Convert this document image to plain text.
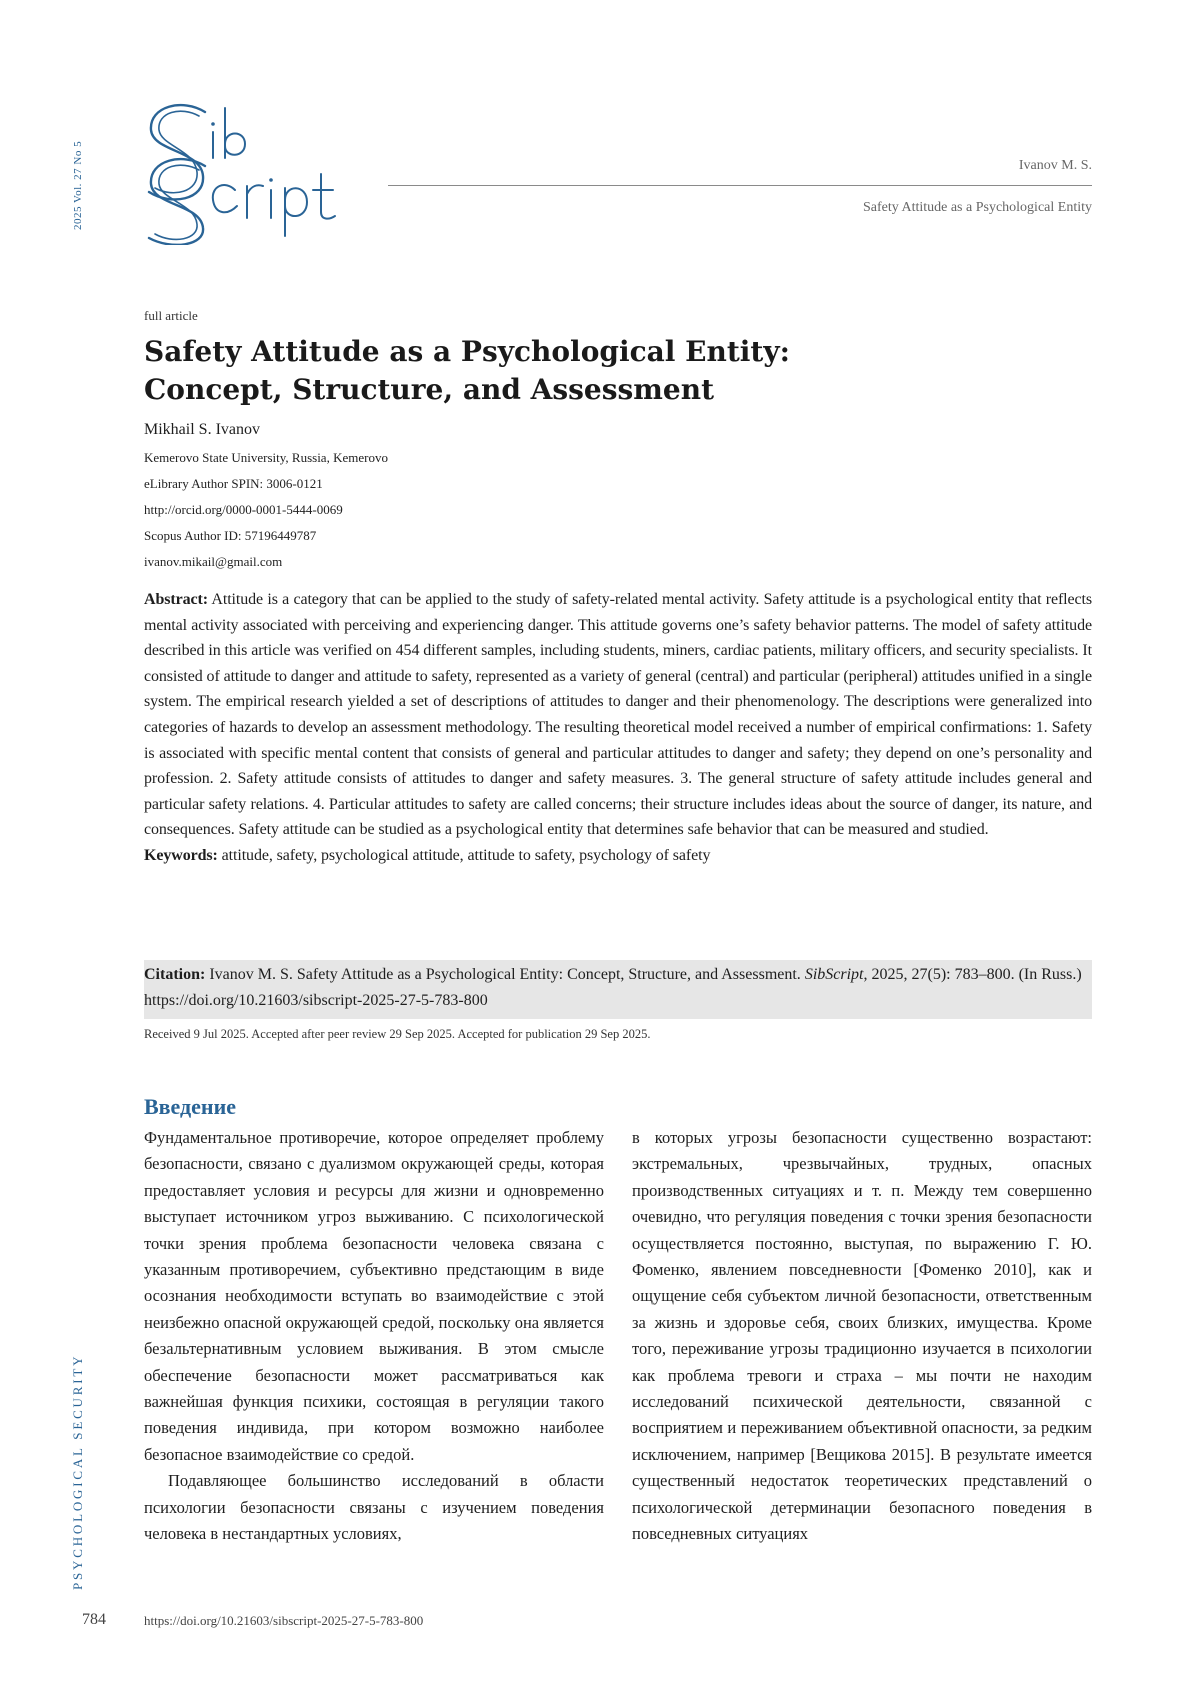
2025 Vol. 27 No 5	Ivanov M. S.
Safety Attitude as a Psychological Entity
full article
Safety Attitude as a Psychological Entity:
Concept, Structure, and Assessment
Mikhail S. Ivanov
Kemerovo State University, Russia, Kemerovo
eLibrary Author SPIN: 3006-0121
http://orcid.org/0000-0001-5444-0069
Scopus Author ID: 57196449787
ivanov.mikail@gmail.com
Abstract: Attitude is a category that can be applied to the study of safety-related mental activity. Safety attitude is a psychological entity that reflects mental activity associated with perceiving and experiencing danger. This attitude governs one’s safety behavior patterns. The model of safety attitude described in this article was verified on 454 different samples, including students, miners, cardiac patients, military officers, and security specialists. It consisted of attitude to danger and attitude to safety, represented as a variety of general (central) and particular (peripheral) attitudes unified in a single system. The empirical research yielded a set of descriptions of attitudes to danger and their phenomenology. The descriptions were generalized into categories of hazards to develop an assessment methodology. The resulting theoretical model received a number of empirical confirmations: 1. Safety is associated with specific mental content that consists of general and particular attitudes to danger and safety; they depend on one’s personality and profession. 2. Safety attitude consists of attitudes to danger and safety measures. 3. The general structure of safety attitude includes general and particular safety relations. 4. Particular attitudes to safety are called concerns; their structure includes ideas about the source of danger, its nature, and consequences. Safety attitude can be studied as a psychological entity that determines safe behavior that can be measured and studied.
Keywords: attitude, safety, psychological attitude, attitude to safety, psychology of safety
Citation: Ivanov M. S. Safety Attitude as a Psychological Entity: Concept, Structure, and Assessment. SibScript, 2025, 27(5): 783–800. (In Russ.) https://doi.org/10.21603/sibscript-2025-27-5-783-800
Received 9 Jul 2025. Accepted after peer review 29 Sep 2025. Accepted for publication 29 Sep 2025.
Введение

Фундаментальное противоречие, которое определяет проблему безопасности, связано с дуализмом окружающей среды, которая предоставляет условия и ресурсы для жизни и одновременно выступает источником угроз выживанию. С психологической точки зрения проблема безопасности человека связана с указанным противоречием, субъективно предстающим в виде осознания необходимости вступать во взаимодействие с этой неизбежно опасной окружающей средой, поскольку она является безальтернативным условием выживания. В этом смысле обеспечение безопасности может рассматриваться как важнейшая функция психики, состоящая в регуляции такого поведения индивида, при котором возможно наиболее безопасное взаимодействие со средой.

Подавляющее большинство исследований в области психологии безопасности связаны с изучением поведения человека в нестандартных условиях,

в которых угрозы безопасности существенно возрастают: экстремальных, чрезвычайных, трудных, опасных производственных ситуациях и т. п. Между тем совершенно очевидно, что регуляция поведения с точки зрения безопасности осуществляется постоянно, выступая, по выражению Г. Ю. Фоменко, явлением повседневности [Фоменко 2010], как и ощущение себя субъектом личной безопасности, ответственным за жизнь и здоровье себя, своих близких, имущества. Кроме того, переживание угрозы традиционно изучается в психологии как проблема тревоги и страха – мы почти не находим исследований психической деятельности, связанной с восприятием и переживанием объективной опасности, за редким исключением, например [Вещикова 2015]. В результате имеется существенный недостаток теоретических представлений о психологической детерминации безопасного поведения в повседневных ситуациях

PSYCHOLOGICAL SECURITY
784	https://doi.org/10.21603/sibscript-2025-27-5-783-800
